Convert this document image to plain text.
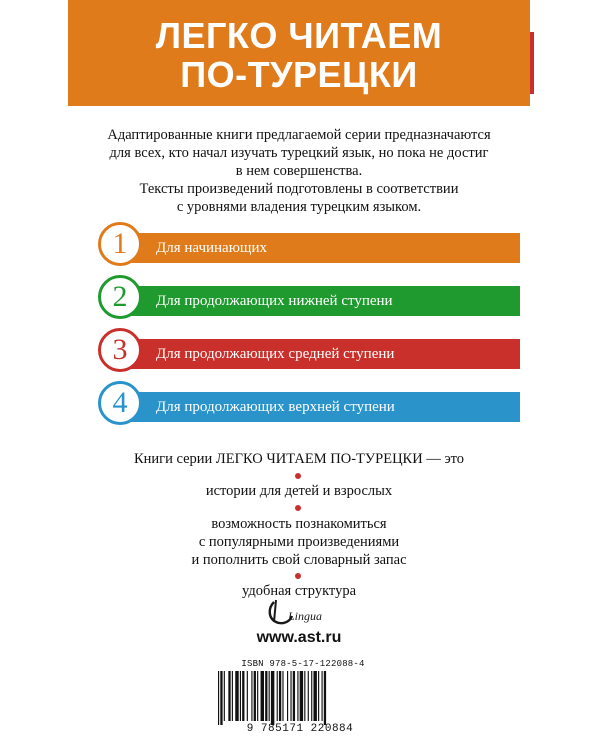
ЛЕГКО ЧИТАЕМ
ПО-ТУРЕЦКИ
Адаптированные книги предлагаемой серии предназначаются
для всех, кто начал изучать турецкий язык, но пока не достиг
в нем совершенства.
Тексты произведений подготовлены в соответствии
с уровнями владения турецким языком.
1	Для начинающих
2	Для продолжающих нижней ступени
3	Для продолжающих средней ступени
4	Для продолжающих верхней ступени
Книги серии ЛЕГКО ЧИТАЕМ ПО-ТУРЕЦКИ — это
истории для детей и взрослых
возможность познакомиться
с популярными произведениями
и пополнить свой словарный запас
удобная структура
Lingua
www.ast.ru
ISBN 978-5-17-122088-4
9 785171 220884
